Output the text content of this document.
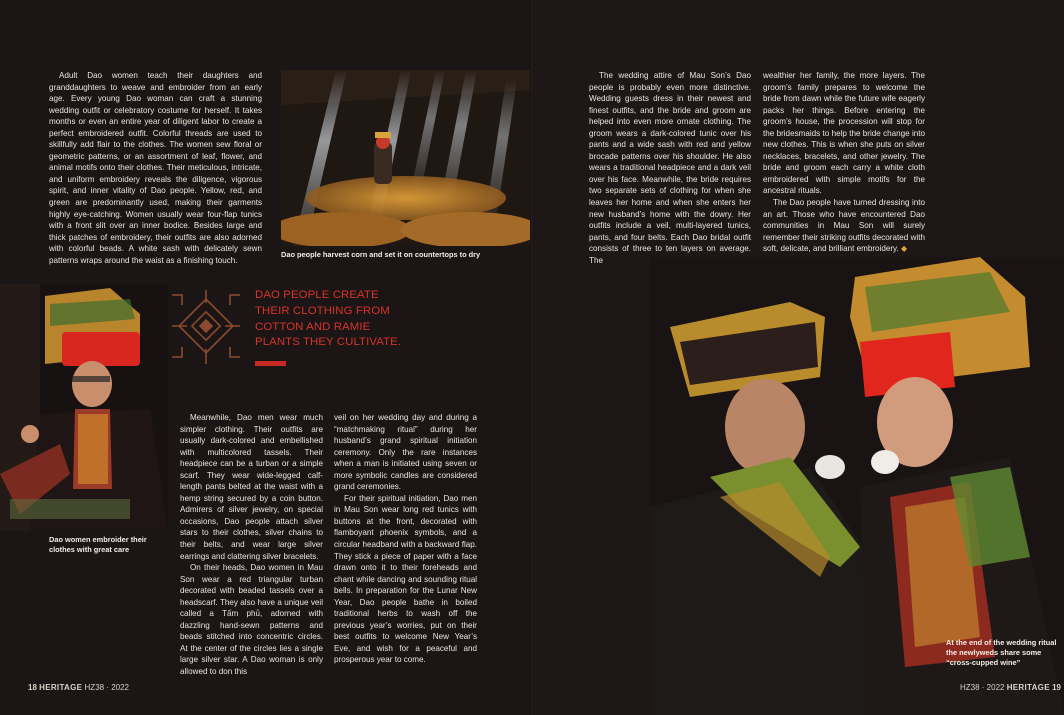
Adult Dao women teach their daughters and granddaughters to weave and embroider from an early age. Every young Dao woman can craft a stunning wedding outfit or celebratory costume for herself. It takes months or even an entire year of diligent labor to create a perfect embroidered outfit. Colorful threads are used to skillfully add flair to the clothes. The women sew floral or geometric patterns, or an assortment of leaf, flower, and animal motifs onto their clothes. Their meticulous, intricate, and uniform embroidery reveals the diligence, vigorous spirit, and inner vitality of Dao people. Yellow, red, and green are predominantly used, making their garments highly eye-catching. Women usually wear four-flap tunics with a front slit over an inner bodice. Besides large and thick patches of embroidery, their outfits are also adorned with colorful beads. A white sash with delicately sewn patterns wraps around the waist as a finishing touch.

Dao people harvest corn and set it on countertops to dry
Dao women embroider their clothes with great care
DAO PEOPLE CREATE THEIR CLOTHING FROM COTTON AND RAMIE PLANTS THEY CULTIVATE.

Meanwhile, Dao men wear much simpler clothing. Their outfits are usually dark-colored and embellished with multicolored tassels. Their headpiece can be a turban or a simple scarf. They wear wide-legged calf-length pants belted at the waist with a hemp string secured by a coin button. Admirers of silver jewelry, on special occasions, Dao people attach silver stars to their clothes, silver chains to their belts, and wear large silver earrings and clattering silver bracelets.

On their heads, Dao women in Mau Son wear a red triangular turban decorated with beaded tassels over a headscarf. They also have a unique veil called a Tấm phủ, adorned with dazzling hand-sewn patterns and beads stitched into concentric circles. At the center of the circles lies a single large silver star. A Dao woman is only allowed to don this

veil on her wedding day and during a “matchmaking ritual” during her husband’s grand spiritual initiation ceremony. Only the rare instances when a man is initiated using seven or more symbolic candles are considered grand ceremonies.

For their spiritual initiation, Dao men in Mau Son wear long red tunics with buttons at the front, decorated with flamboyant phoenix symbols, and a circular headband with a backward flap. They stick a piece of paper with a face drawn onto it to their foreheads and chant while dancing and sounding ritual bells. In preparation for the Lunar New Year, Dao people bathe in boiled traditional herbs to wash off the previous year’s worries, put on their best outfits to welcome New Year’s Eve, and wish for a peaceful and prosperous year to come.

18 HERITAGE HZ38 · 2022

The wedding attire of Mau Son’s Dao people is probably even more distinctive. Wedding guests dress in their newest and finest outfits, and the bride and groom are helped into even more ornate clothing. The groom wears a dark-colored tunic over his pants and a wide sash with red and yellow brocade patterns over his shoulder. He also wears a traditional headpiece and a dark veil over his face. Meanwhile, the bride requires two separate sets of clothing for when she leaves her home and when she enters her new husband’s home with the dowry. Her outfits include a veil, multi-layered tunics, pants, and four belts. Each Dao bridal outfit consists of three to ten layers on average. The

wealthier her family, the more layers. The groom’s family prepares to welcome the bride from dawn while the future wife eagerly packs her things. Before entering the groom’s house, the procession will stop for the bridesmaids to help the bride change into new clothes. This is when she puts on silver necklaces, bracelets, and other jewelry. The bride and groom each carry a white cloth embroidered with simple motifs for the ancestral rituals.

The Dao people have turned dressing into an art. Those who have encountered Dao communities in Mau Son will surely remember their striking outfits decorated with soft, delicate, and brilliant embroidery. ◆

At the end of the wedding ritual the newlyweds share some “cross-cupped wine”
HZ38 · 2022 HERITAGE 19
